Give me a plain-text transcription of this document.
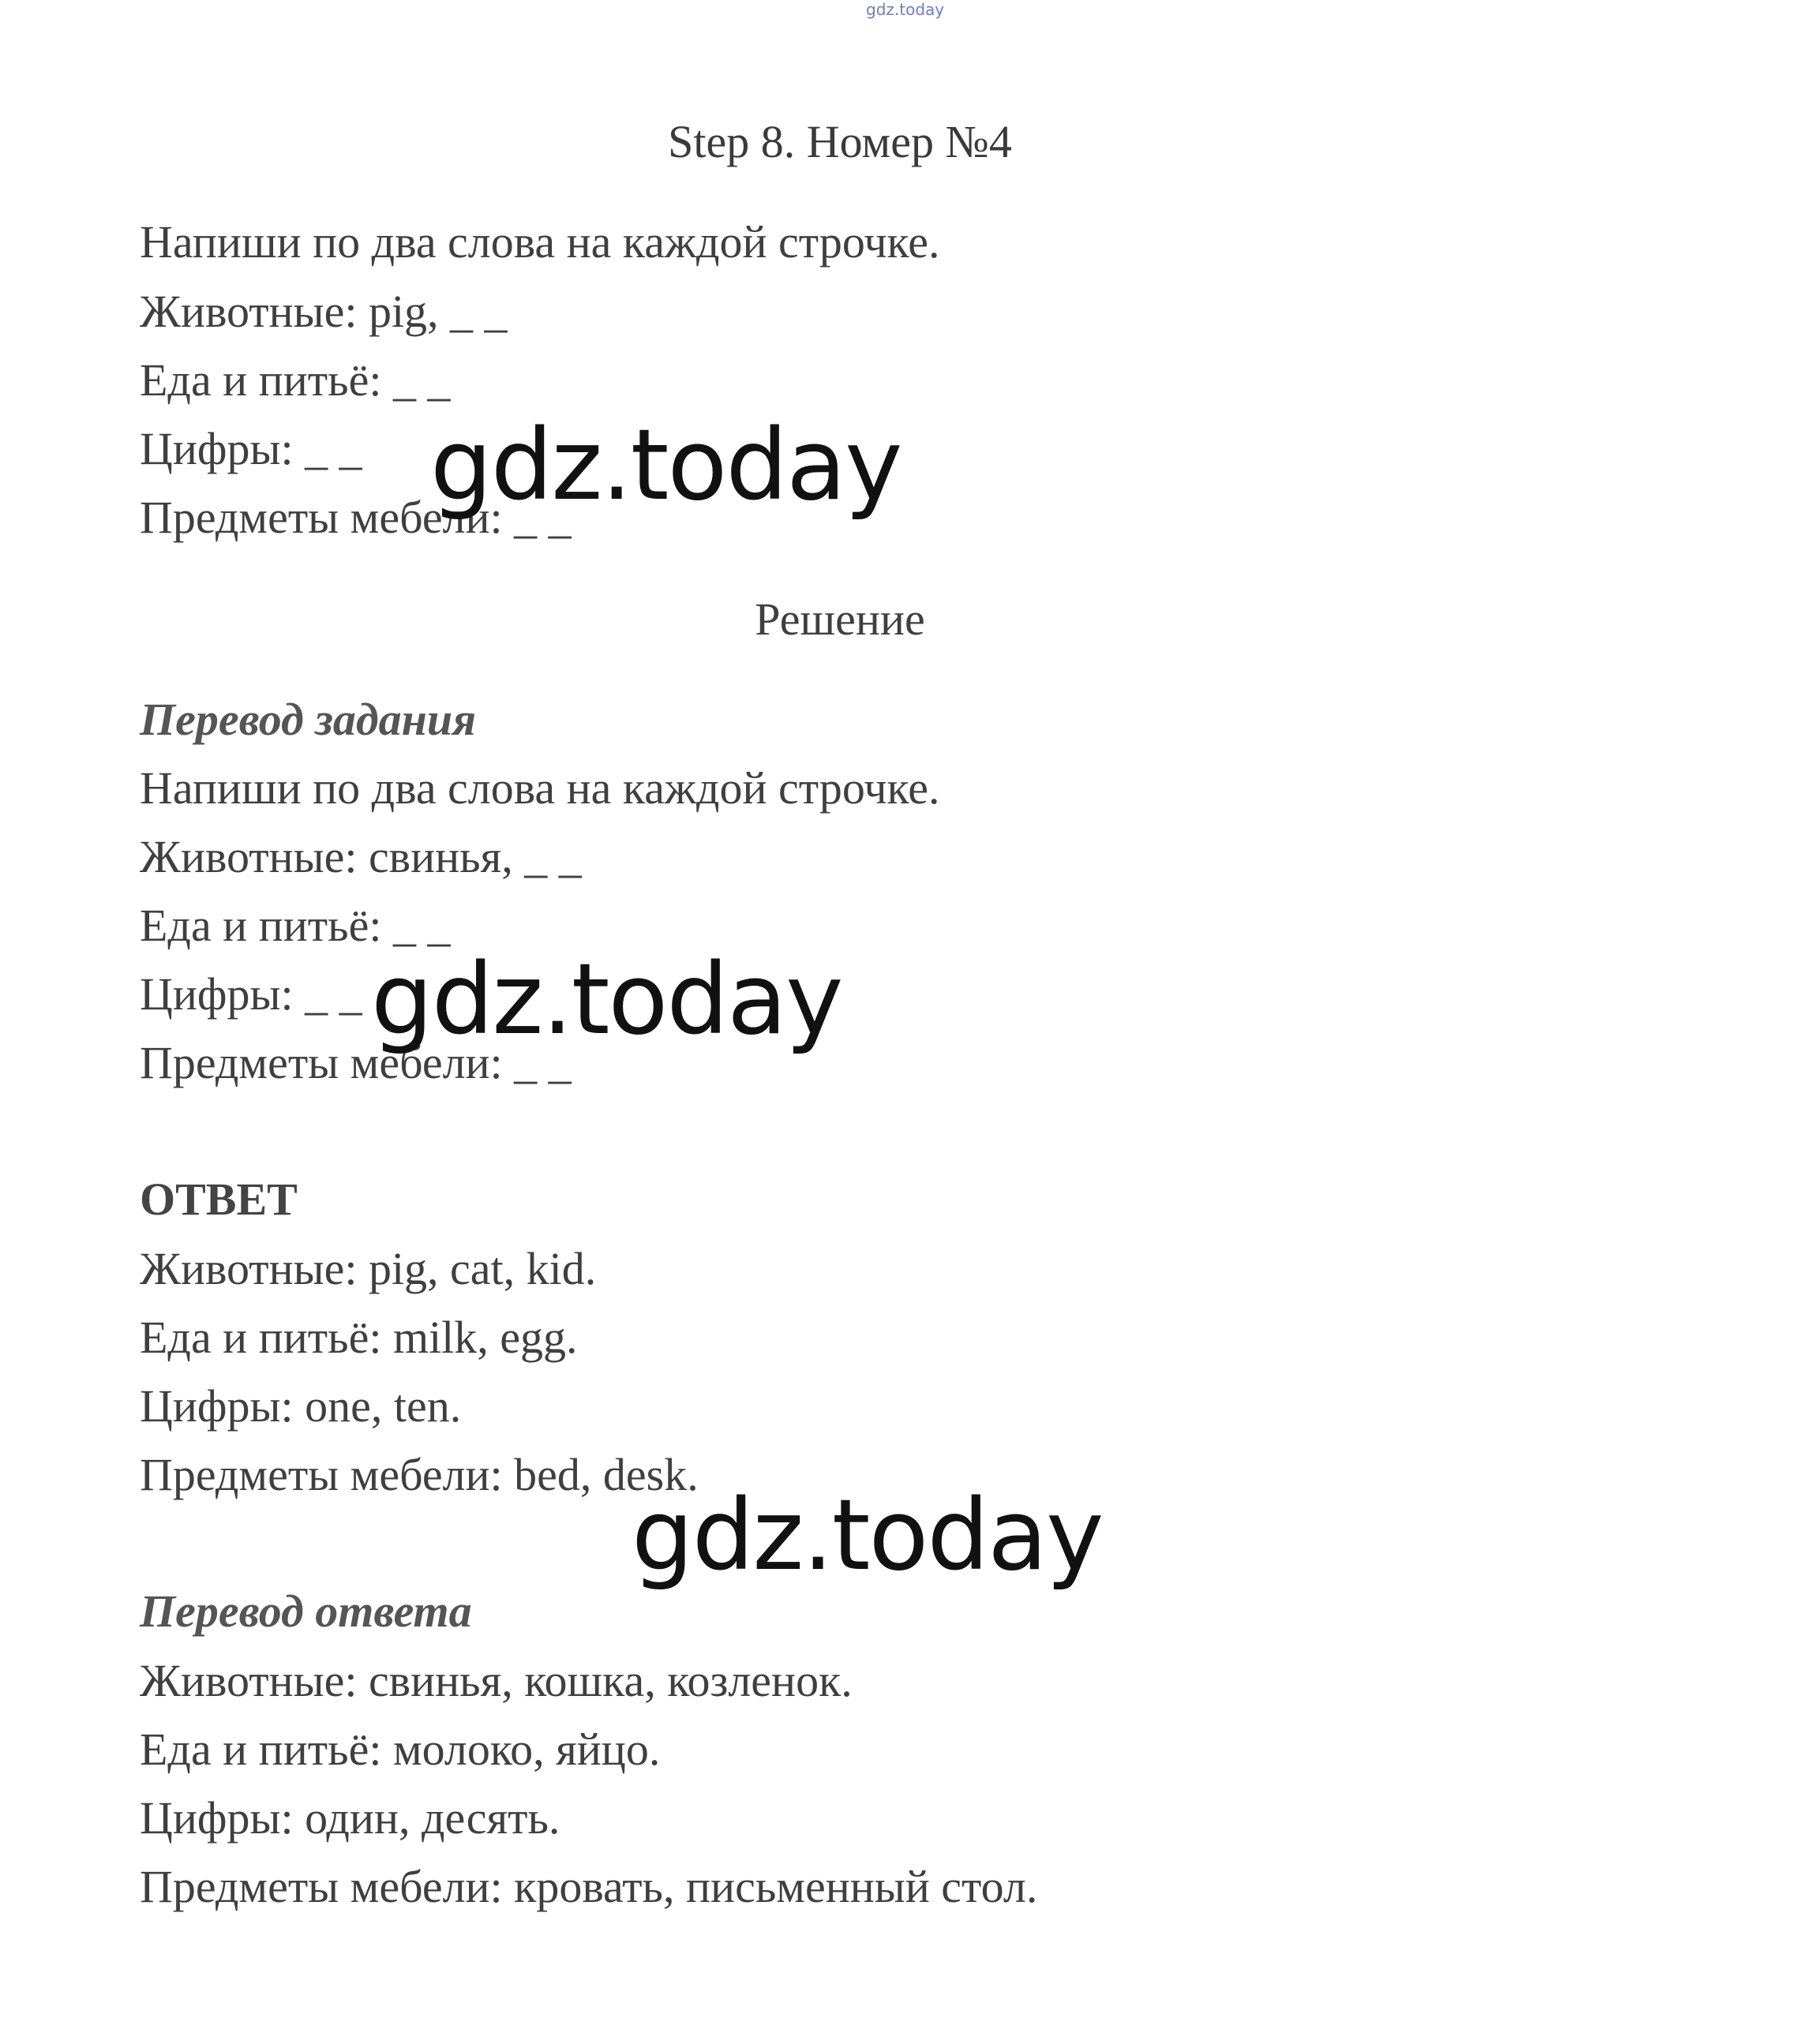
gdz.today
Step 8. Номер №4
Напиши по два слова на каждой строчке.
Животные: pig, _ _
Еда и питьё: _ _
Цифры: _ _
Предметы мебели: _ _
Решение
Перевод задания
Напиши по два слова на каждой строчке.
Животные: свинья, _ _
Еда и питьё: _ _
Цифры: _ _
Предметы мебели: _ _
ОТВЕТ
Животные: pig, cat, kid.
Еда и питьё: milk, egg.
Цифры: one, ten.
Предметы мебели: bed, desk.
Перевод ответа
Животные: свинья, кошка, козленок.
Еда и питьё: молоко, яйцо.
Цифры: один, десять.
Предметы мебели: кровать, письменный стол.
gdz.today
gdz.today
gdz.today
